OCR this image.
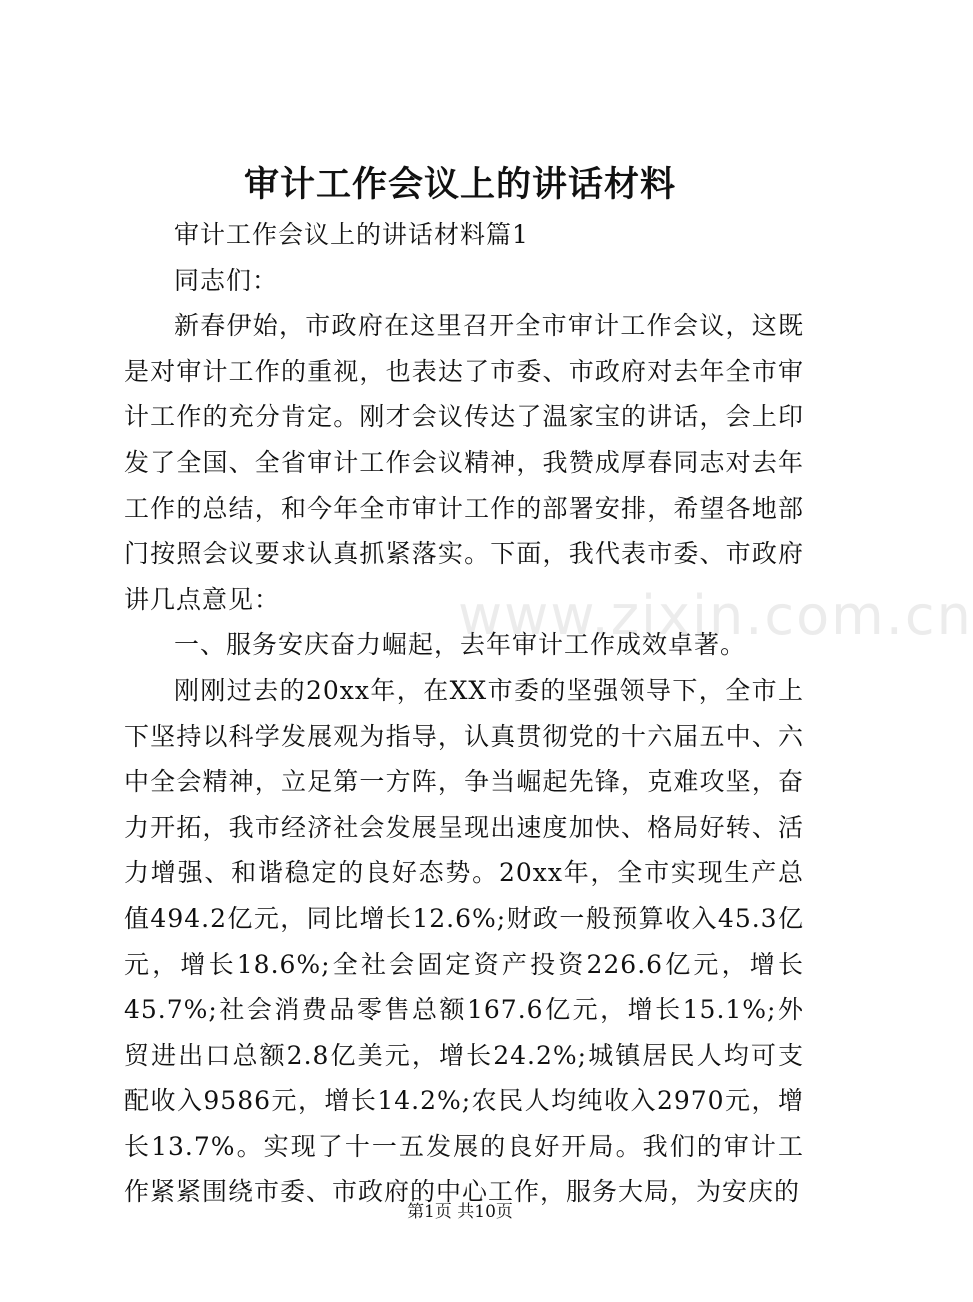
审计工作会议上的讲话材料

审计工作会议上的讲话材料篇1

同志们：

新春伊始，市政府在这里召开全市审计工作会议，这既是对审计工作的重视，也表达了市委、市政府对去年全市审计工作的充分肯定。刚才会议传达了温家宝的讲话，会上印发了全国、全省审计工作会议精神，我赞成厚春同志对去年工作的总结，和今年全市审计工作的部署安排，希望各地部门按照会议要求认真抓紧落实。下面，我代表市委、市政府讲几点意见：

一、服务安庆奋力崛起，去年审计工作成效卓著。

刚刚过去的20xx年，在XX市委的坚强领导下，全市上下坚持以科学发展观为指导，认真贯彻党的十六届五中、六中全会精神，立足第一方阵，争当崛起先锋，克难攻坚，奋力开拓，我市经济社会发展呈现出速度加快、格局好转、活力增强、和谐稳定的良好态势。20xx年，全市实现生产总值494.2亿元，同比增长12.6%;财政一般预算收入45.3亿元，增长18.6%;全社会固定资产投资226.6亿元，增长45.7%;社会消费品零售总额167.6亿元，增长15.1%;外贸进出口总额2.8亿美元，增长24.2%;城镇居民人均可支配收入9586元，增长14.2%;农民人均纯收入2970元，增长13.7%。实现了十一五发展的良好开局。我们的审计工作紧紧围绕市委、市政府的中心工作，服务大局，为安庆的

www.zixin.com.cn
第1页 共10页
